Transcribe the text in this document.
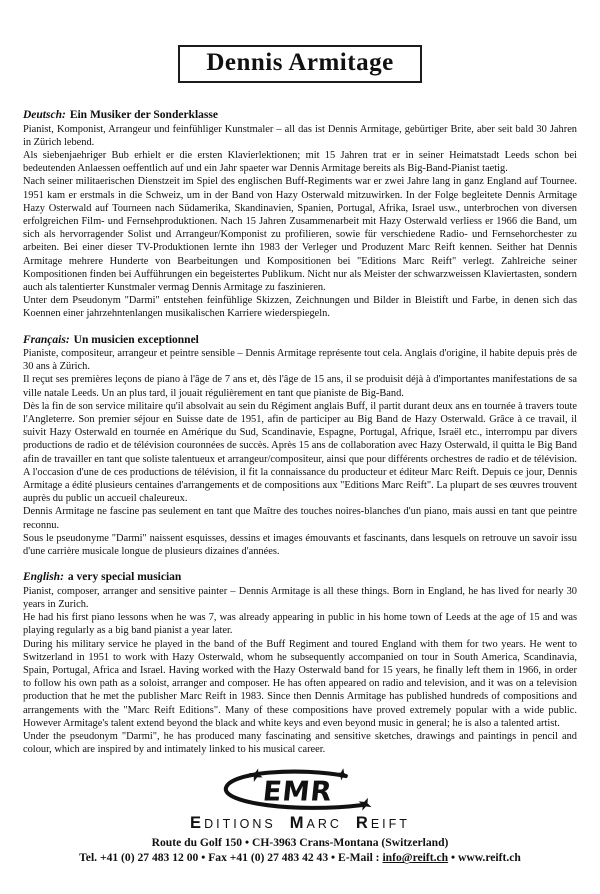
Dennis Armitage
Deutsch: Ein Musiker der Sonderklasse

Pianist, Komponist, Arrangeur und feinfühliger Kunstmaler – all das ist Dennis Armitage, gebürtiger Brite, aber seit bald 30 Jahren in Zürich lebend.

Als siebenjaehriger Bub erhielt er die ersten Klavierlektionen; mit 15 Jahren trat er in seiner Heimatstadt Leeds schon bei bedeutenden Anlaessen oeffentlich auf und ein Jahr spaeter war Dennis Armitage bereits als Big-Band-Pianist taetig.

Nach seiner militaerischen Dienstzeit im Spiel des englischen Buff-Regiments war er zwei Jahre lang in ganz England auf Tournee. 1951 kam er erstmals in die Schweiz, um in der Band von Hazy Osterwald mitzuwirken. In der Folge begleitete Dennis Armitage Hazy Osterwald auf Tourneen nach Südamerika, Skandinavien, Spanien, Portugal, Afrika, Israel usw., unterbrochen von diversen erfolgreichen Film- und Fernsehproduktionen. Nach 15 Jahren Zusammenarbeit mit Hazy Osterwald verliess er 1966 die Band, um sich als hervorragender Solist und Arrangeur/Komponist zu profilieren, sowie für verschiedene Radio- und Fernsehorchester zu arbeiten. Bei einer dieser TV-Produktionen lernte ihn 1983 der Verleger und Produzent Marc Reift kennen. Seither hat Dennis Armitage mehrere Hunderte von Bearbeitungen und Kompositionen bei "Editions Marc Reift" verlegt. Zahlreiche seiner Kompositionen finden bei Aufführungen ein begeistertes Publikum. Nicht nur als Meister der schwarzweissen Klaviertasten, sondern auch als talentierter Kunstmaler vermag Dennis Armitage zu faszinieren.

Unter dem Pseudonym "Darmi" entstehen feinfühlige Skizzen, Zeichnungen und Bilder in Bleistift und Farbe, in denen sich das Koennen einer jahrzehntenlangen musikalischen Karriere wiederspiegeln.

Français: Un musicien exceptionnel

Pianiste, compositeur, arrangeur et peintre sensible – Dennis Armitage représente tout cela. Anglais d'origine, il habite depuis près de 30 ans à Zürich.

Il reçut ses premières leçons de piano à l'âge de 7 ans et, dès l'âge de 15 ans, il se produisit déjà à d'importantes manifestations de sa ville natale Leeds. Un an plus tard, il jouait régulièrement en tant que pianiste de Big-Band.

Dès la fin de son service militaire qu'il absolvait au sein du Régiment anglais Buff, il partit durant deux ans en tournée à travers toute l'Angleterre. Son premier séjour en Suisse date de 1951, afin de participer au Big Band de Hazy Osterwald. Grâce à ce travail, il suivit Hazy Osterwald en tournée en Amérique du Sud, Scandinavie, Espagne, Portugal, Afrique, Israël etc., interrompu par divers productions de radio et de télévision couronnées de succès. Après 15 ans de collaboration avec Hazy Osterwald, il quitta le Big Band afin de travailler en tant que soliste talentueux et arrangeur/compositeur, ainsi que pour différents orchestres de radio et de télévision. A l'occasion d'une de ces productions de télévision, il fit la connaissance du producteur et éditeur Marc Reift. Depuis ce jour, Dennis Armitage a édité plusieurs centaines d'arrangements et de compositions aux "Editions Marc Reift". La plupart de ses œuvres trouvent auprès du public un accueil chaleureux.

Dennis Armitage ne fascine pas seulement en tant que Maître des touches noires-blanches d'un piano, mais aussi en tant que peintre reconnu.

Sous le pseudonyme "Darmi" naissent esquisses, dessins et images émouvants et fascinants, dans lesquels on retrouve un savoir issu d'une carrière musicale longue de plusieurs dizaines d'années.

English: a very special musician

Pianist, composer, arranger and sensitive painter – Dennis Armitage is all these things. Born in England, he has lived for nearly 30 years in Zurich.

He had his first piano lessons when he was 7, was already appearing in public in his home town of Leeds at the age of 15 and was playing regularly as a big band pianist a year later.

During his military service he played in the band of the Buff Regiment and toured England with them for two years. He went to Switzerland in 1951 to work with Hazy Osterwald, whom he subsequently accompanied on tour in South America, Scandinavia, Spain, Portugal, Africa and Israel. Having worked with the Hazy Osterwald band for 15 years, he finally left them in 1966, in order to follow his own path as a soloist, arranger and composer. He has often appeared on radio and television, and it was on a television production that he met the publisher Marc Reift in 1983. Since then Dennis Armitage has published hundreds of compositions and arrangements with the "Marc Reift Editions". Many of these compositions have proved extremely popular with a wide public. However Armitage's talent extend beyond the black and white keys and even beyond music in general; he is also a talented artist.

Under the pseudonym "Darmi", he has produced many fascinating and sensitive sketches, drawings and paintings in pencil and colour, which are inspired by and intimately linked to his musical career.

EMR
EDITIONS MARC REIFT
Route du Golf 150 • CH-3963 Crans-Montana (Switzerland)
Tel. +41 (0) 27 483 12 00 • Fax +41 (0) 27 483 42 43 • E-Mail : info@reift.ch • www.reift.ch
